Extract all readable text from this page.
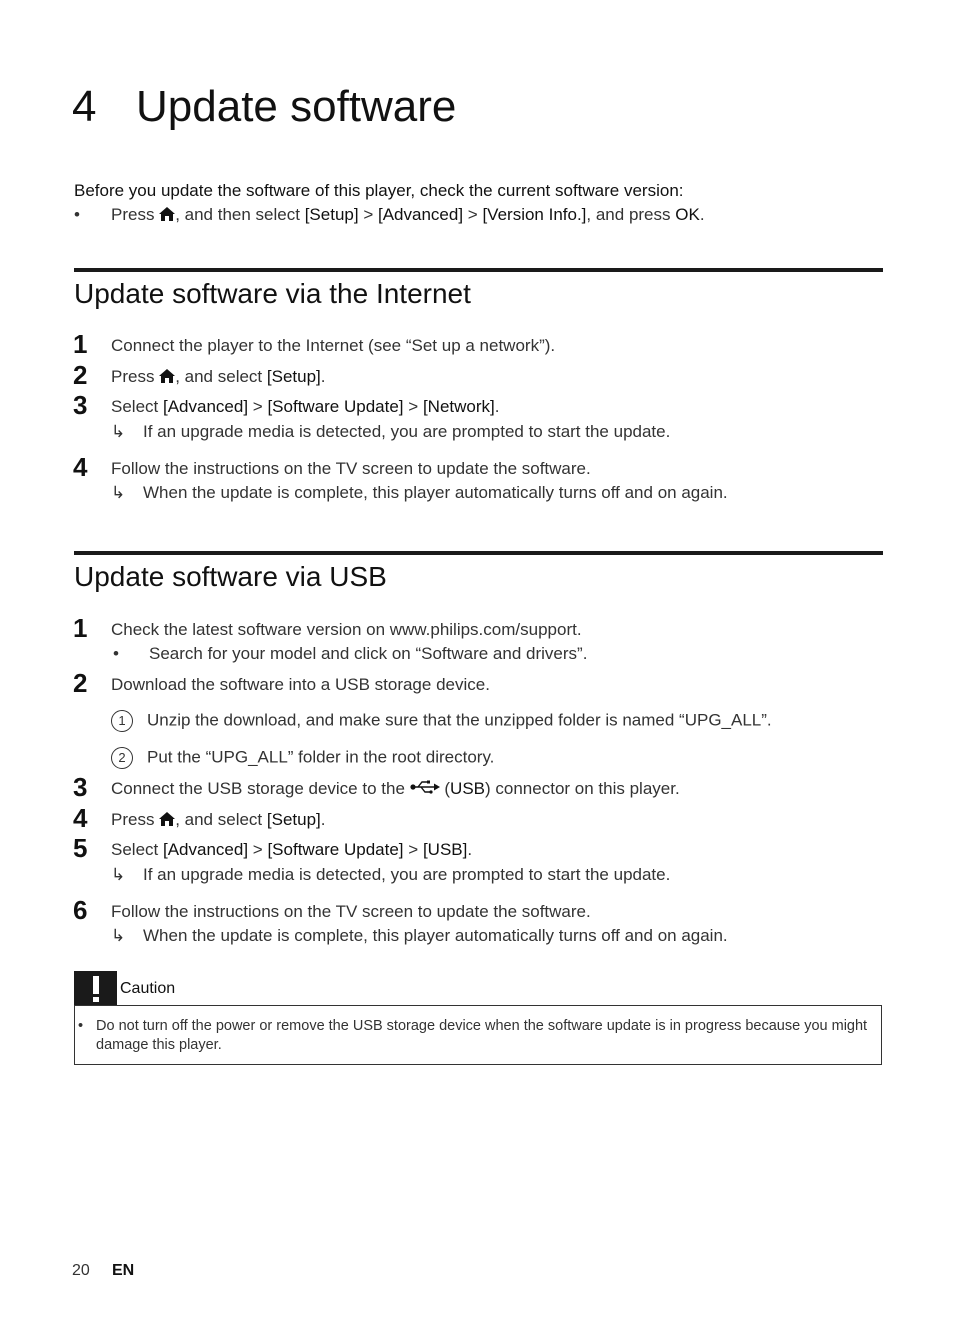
4 Update software
Before you update the software of this player, check the current software version:
• Press , and then select [Setup] > [Advanced] > [Version Info.], and press OK.
Update software via the Internet
1 Connect the player to the Internet (see “Set up a network”).
2 Press , and select [Setup].
3 Select [Advanced] > [Software Update] > [Network].
↳ If an upgrade media is detected, you are prompted to start the update.
4 Follow the instructions on the TV screen to update the software.
↳ When the update is complete, this player automatically turns off and on again.
Update software via USB
1 Check the latest software version on www.philips.com/support.
• Search for your model and click on “Software and drivers”.
2 Download the software into a USB storage device.
1 Unzip the download, and make sure that the unzipped folder is named “UPG_ALL”.
2 Put the “UPG_ALL” folder in the root directory.
3 Connect the USB storage device to the (USB) connector on this player.
4 Press , and select [Setup].
5 Select [Advanced] > [Software Update] > [USB].
↳ If an upgrade media is detected, you are prompted to start the update.
6 Follow the instructions on the TV screen to update the software.
↳ When the update is complete, this player automatically turns off and on again.
Caution
• Do not turn off the power or remove the USB storage device when the software update is in progress because you might damage this player.
20 EN
